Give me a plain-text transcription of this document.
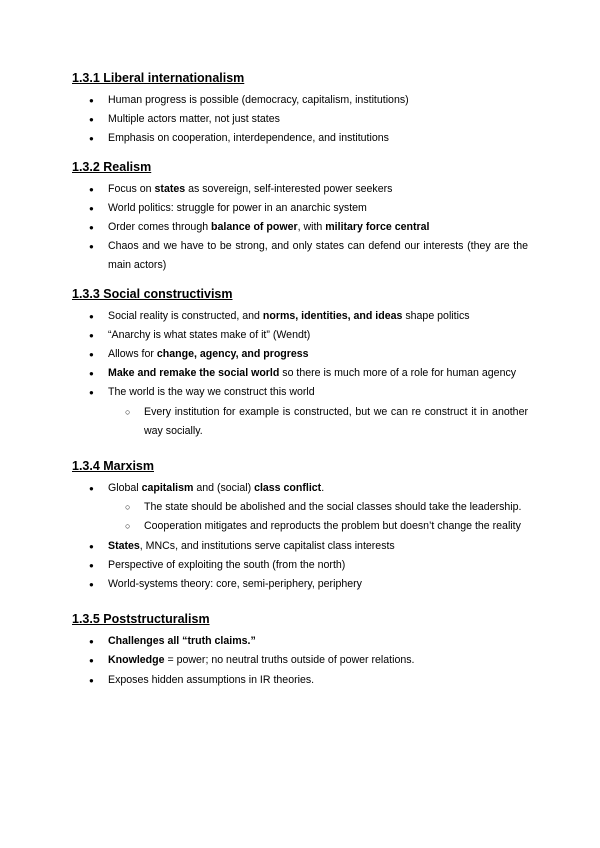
1.3.1 Liberal internationalism
● Human progress is possible (democracy, capitalism, institutions)
● Multiple actors matter, not just states
● Emphasis on cooperation, interdependence, and institutions
1.3.2 Realism
● Focus on states as sovereign, self-interested power seekers
● World politics: struggle for power in an anarchic system
● Order comes through balance of power, with military force central
● Chaos and we have to be strong, and only states can defend our interests (they are the main actors)
1.3.3 Social constructivism
● Social reality is constructed, and norms, identities, and ideas shape politics
● “Anarchy is what states make of it” (Wendt)
● Allows for change, agency, and progress
● Make and remake the social world so there is much more of a role for human agency
● The world is the way we construct this world
○ Every institution for example is constructed, but we can re construct it in another way socially.
1.3.4 Marxism
● Global capitalism and (social) class conflict.
○ The state should be abolished and the social classes should take the leadership.
○ Cooperation mitigates and reproducts the problem but doesn’t change the reality
● States, MNCs, and institutions serve capitalist class interests
● Perspective of exploiting the south (from the north)
● World-systems theory: core, semi-periphery, periphery
1.3.5 Poststructuralism
● Challenges all “truth claims.”
● Knowledge = power; no neutral truths outside of power relations.
● Exposes hidden assumptions in IR theories.
